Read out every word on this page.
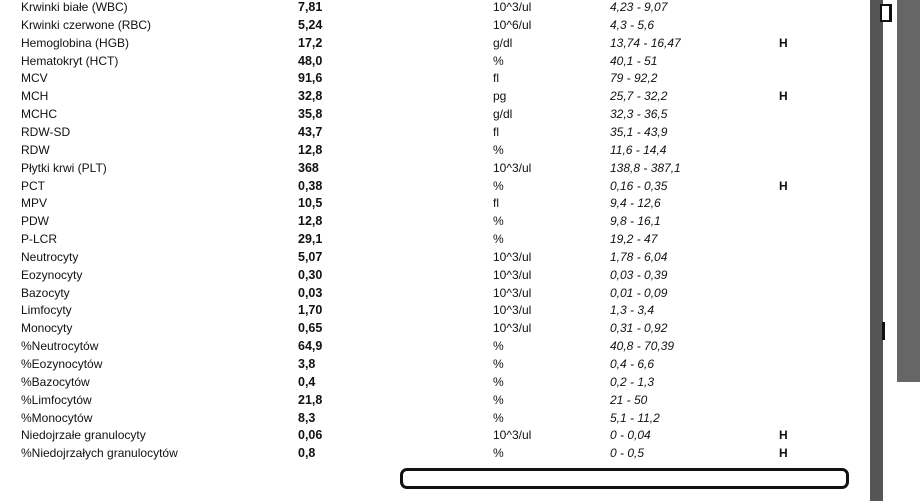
Krwinki białe (WBC)	7,81	10^3/ul	4,23 - 9,07
Krwinki czerwone (RBC)	5,24	10^6/ul	4,3 - 5,6
Hemoglobina (HGB)	17,2	g/dl	13,74 - 16,47	H
Hematokryt (HCT)	48,0	%	40,1 - 51
MCV	91,6	fl	79 - 92,2
MCH	32,8	pg	25,7 - 32,2	H
MCHC	35,8	g/dl	32,3 - 36,5
RDW-SD	43,7	fl	35,1 - 43,9
RDW	12,8	%	11,6 - 14,4
Płytki krwi (PLT)	368	10^3/ul	138,8 - 387,1
PCT	0,38	%	0,16 - 0,35	H
MPV	10,5	fl	9,4 - 12,6
PDW	12,8	%	9,8 - 16,1
P-LCR	29,1	%	19,2 - 47
Neutrocyty	5,07	10^3/ul	1,78 - 6,04
Eozynocyty	0,30	10^3/ul	0,03 - 0,39
Bazocyty	0,03	10^3/ul	0,01 - 0,09
Limfocyty	1,70	10^3/ul	1,3 - 3,4
Monocyty	0,65	10^3/ul	0,31 - 0,92
%Neutrocytów	64,9	%	40,8 - 70,39
%Eozynocytów	3,8	%	0,4 - 6,6
%Bazocytów	0,4	%	0,2 - 1,3
%Limfocytów	21,8	%	21 - 50
%Monocytów	8,3	%	5,1 - 11,2
Niedojrzałe granulocyty	0,06	10^3/ul	0 - 0,04	H
%Niedojrzałych granulocytów	0,8	%	0 - 0,5	H
